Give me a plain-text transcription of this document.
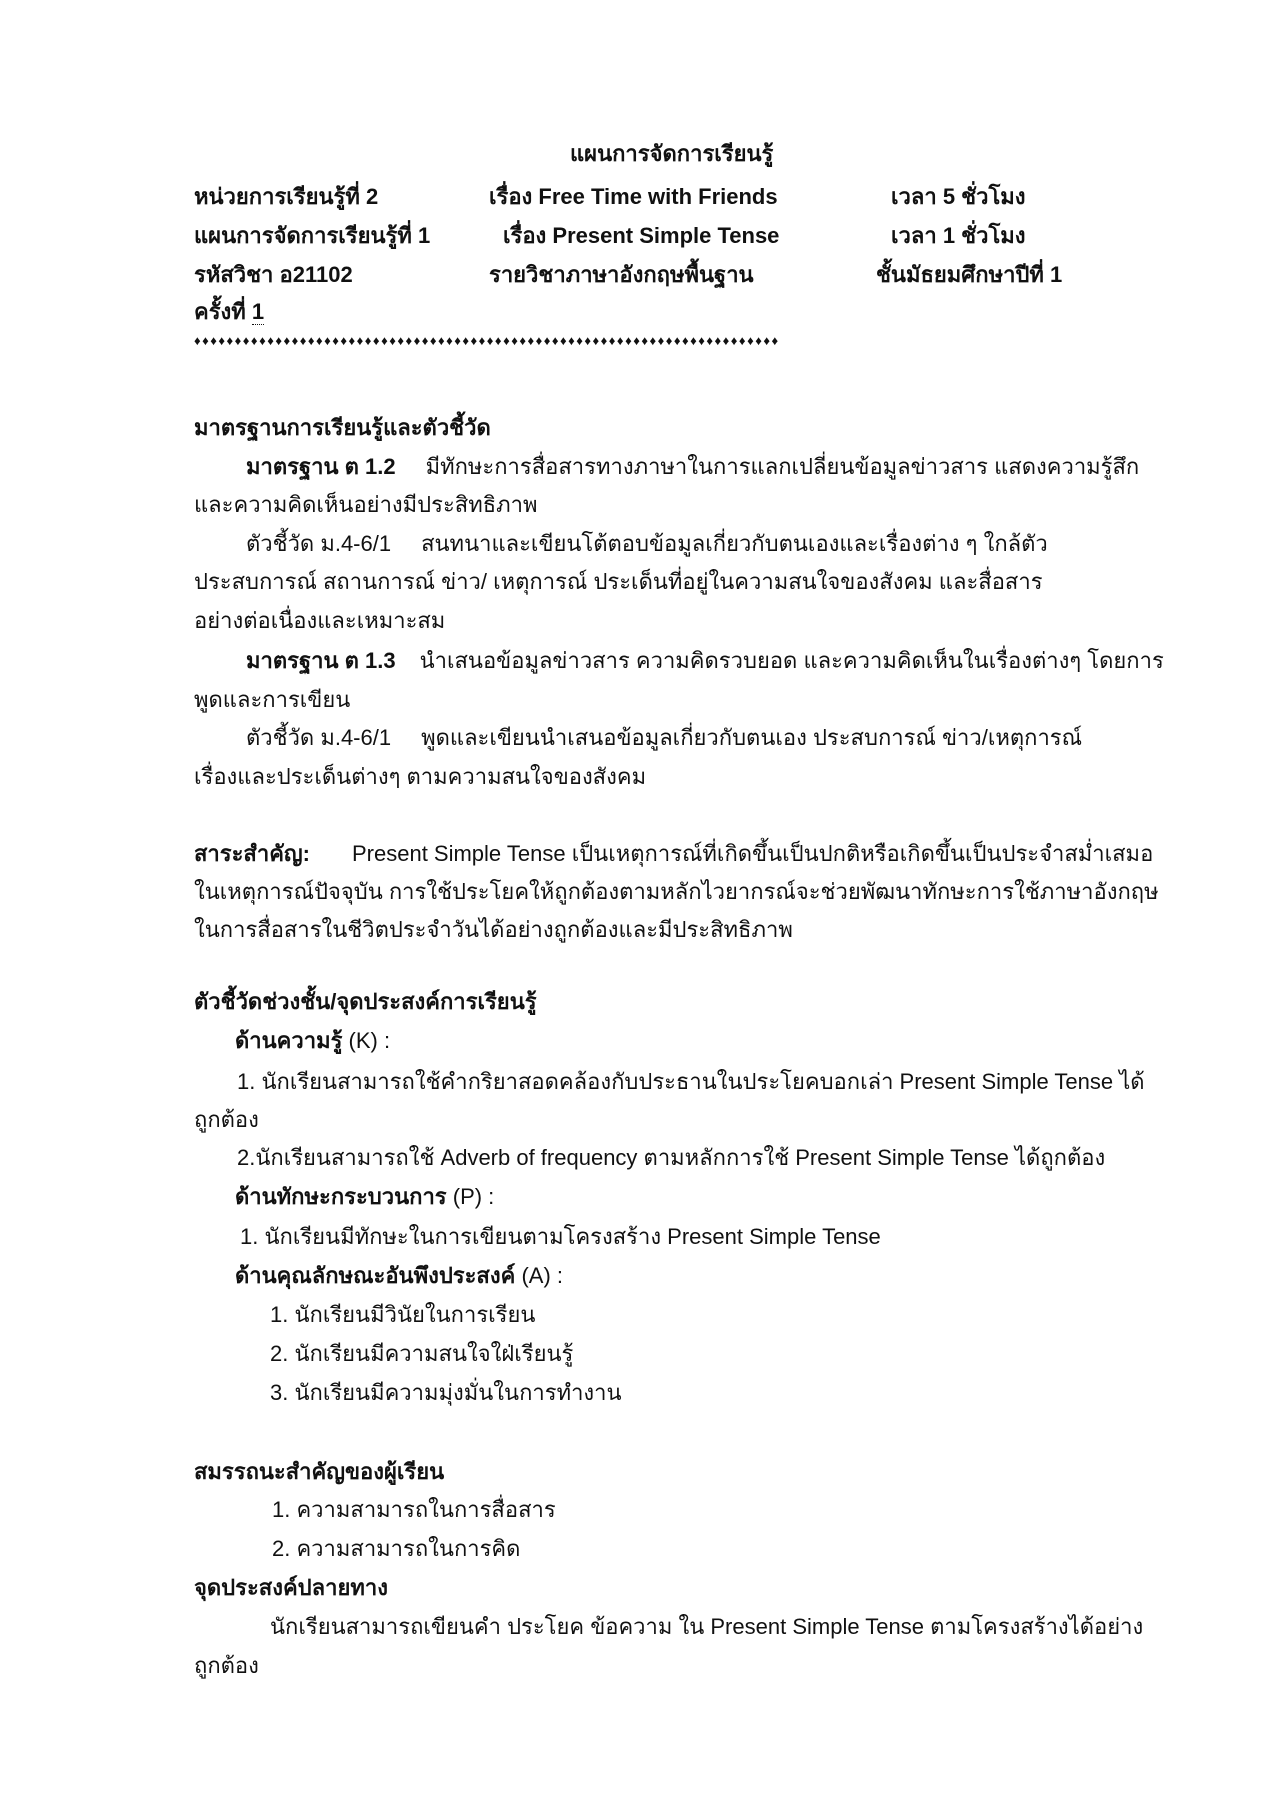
แผนการจัดการเรียนรู้
หน่วยการเรียนรู้ที่ 2	เรื่อง Free Time with Friends	เวลา 5 ชั่วโมง
แผนการจัดการเรียนรู้ที่ 1	เรื่อง Present Simple Tense	เวลา 1 ชั่วโมง
รหัสวิชา อ21102	รายวิชาภาษาอังกฤษพื้นฐาน	ชั้นมัธยมศึกษาปีที่ 1
ครั้งที่ 1
♦♦♦♦♦♦♦♦♦♦♦♦♦♦♦♦♦♦♦♦♦♦♦♦♦♦♦♦♦♦♦♦♦♦♦♦♦♦♦♦♦♦♦♦♦♦♦♦♦♦♦♦♦♦♦♦♦♦♦♦♦♦♦♦♦♦♦♦♦♦♦♦
มาตรฐานการเรียนรู้และตัวชี้วัด
มาตรฐาน ต 1.2 มีทักษะการสื่อสารทางภาษาในการแลกเปลี่ยนข้อมูลข่าวสาร แสดงความรู้สึก
และความคิดเห็นอย่างมีประสิทธิภาพ
ตัวชี้วัด ม.4-6/1 สนทนาและเขียนโต้ตอบข้อมูลเกี่ยวกับตนเองและเรื่องต่าง ๆ ใกล้ตัว
ประสบการณ์ สถานการณ์ ข่าว/ เหตุการณ์ ประเด็นที่อยู่ในความสนใจของสังคม และสื่อสาร
อย่างต่อเนื่องและเหมาะสม
มาตรฐาน ต 1.3 นำเสนอข้อมูลข่าวสาร ความคิดรวบยอด และความคิดเห็นในเรื่องต่างๆ โดยการ
พูดและการเขียน
ตัวชี้วัด ม.4-6/1 พูดและเขียนนำเสนอข้อมูลเกี่ยวกับตนเอง ประสบการณ์ ข่าว/เหตุการณ์
เรื่องและประเด็นต่างๆ ตามความสนใจของสังคม
สาระสำคัญ: Present Simple Tense เป็นเหตุการณ์ที่เกิดขึ้นเป็นปกติหรือเกิดขึ้นเป็นประจำสม่ำเสมอ
ในเหตุการณ์ปัจจุบัน การใช้ประโยคให้ถูกต้องตามหลักไวยากรณ์จะช่วยพัฒนาทักษะการใช้ภาษาอังกฤษ
ในการสื่อสารในชีวิตประจำวันได้อย่างถูกต้องและมีประสิทธิภาพ
ตัวชี้วัดช่วงชั้น/จุดประสงค์การเรียนรู้
ด้านความรู้ (K) :
1. นักเรียนสามารถใช้คำกริยาสอดคล้องกับประธานในประโยคบอกเล่า Present Simple Tense ได้
ถูกต้อง
2.นักเรียนสามารถใช้ Adverb of frequency ตามหลักการใช้ Present Simple Tense ได้ถูกต้อง
ด้านทักษะกระบวนการ (P) :
1. นักเรียนมีทักษะในการเขียนตามโครงสร้าง Present Simple Tense
ด้านคุณลักษณะอันพึงประสงค์ (A) :
1. นักเรียนมีวินัยในการเรียน
2. นักเรียนมีความสนใจใฝ่เรียนรู้
3. นักเรียนมีความมุ่งมั่นในการทำงาน
สมรรถนะสำคัญของผู้เรียน
1. ความสามารถในการสื่อสาร
2. ความสามารถในการคิด
จุดประสงค์ปลายทาง
นักเรียนสามารถเขียนคำ ประโยค ข้อความ ใน Present Simple Tense ตามโครงสร้างได้อย่าง
ถูกต้อง
